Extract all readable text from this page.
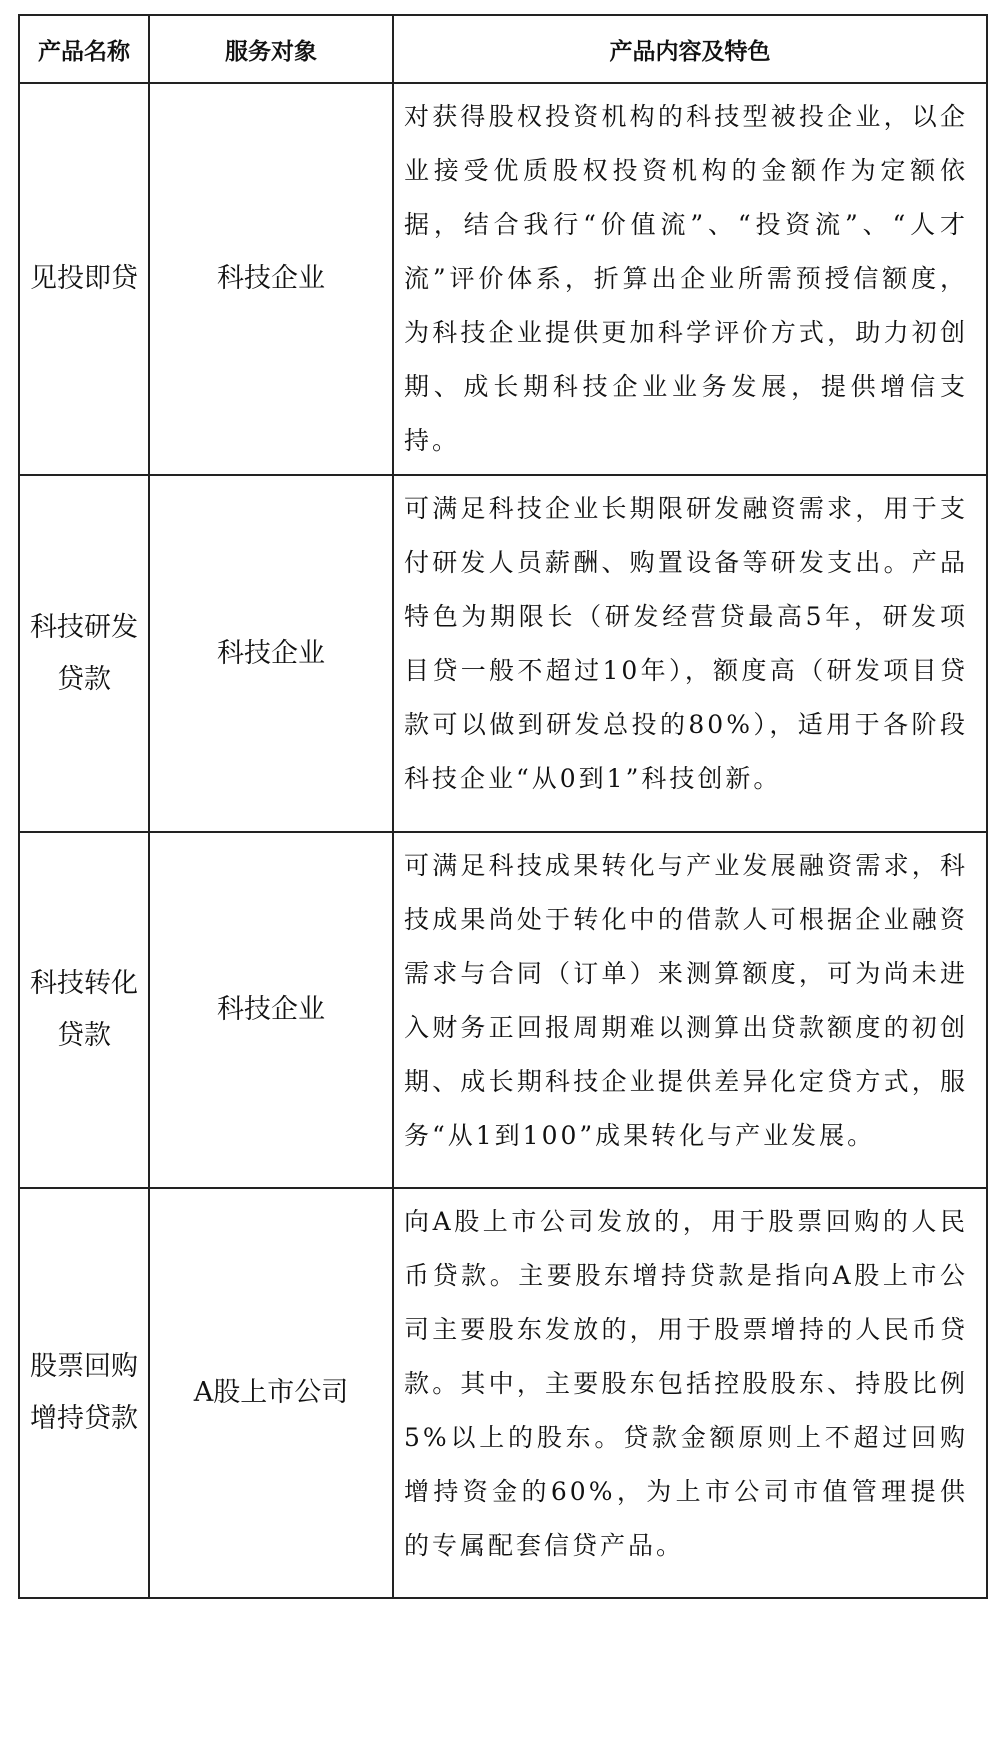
产品名称	服务对象	产品内容及特色
见投即贷	科技企业	对获得股权投资机构的科技型被投企业，以企业接受优质股权投资机构的金额作为定额依据，结合我行“价值流”、“投资流”、“人才流”评价体系，折算出企业所需预授信额度，为科技企业提供更加科学评价方式，助力初创期、成长期科技企业业务发展，提供增信支持。

科技研发贷款	科技企业	可满足科技企业长期限研发融资需求，用于支付研发人员薪酬、购置设备等研发支出。产品特色为期限长（研发经营贷最高5年，研发项目贷一般不超过10年），额度高（研发项目贷款可以做到研发总投的80%），适用于各阶段科技企业“从0到1”科技创新。

科技转化贷款	科技企业	可满足科技成果转化与产业发展融资需求，科技成果尚处于转化中的借款人可根据企业融资需求与合同（订单）来测算额度，可为尚未进入财务正回报周期难以测算出贷款额度的初创期、成长期科技企业提供差异化定贷方式，服务“从1到100”成果转化与产业发展。

股票回购增持贷款	A股上市公司	向A股上市公司发放的，用于股票回购的人民币贷款。主要股东增持贷款是指向A股上市公司主要股东发放的，用于股票增持的人民币贷款。其中，主要股东包括控股股东、持股比例5%以上的股东。贷款金额原则上不超过回购增持资金的60%，为上市公司市值管理提供的专属配套信贷产品。
